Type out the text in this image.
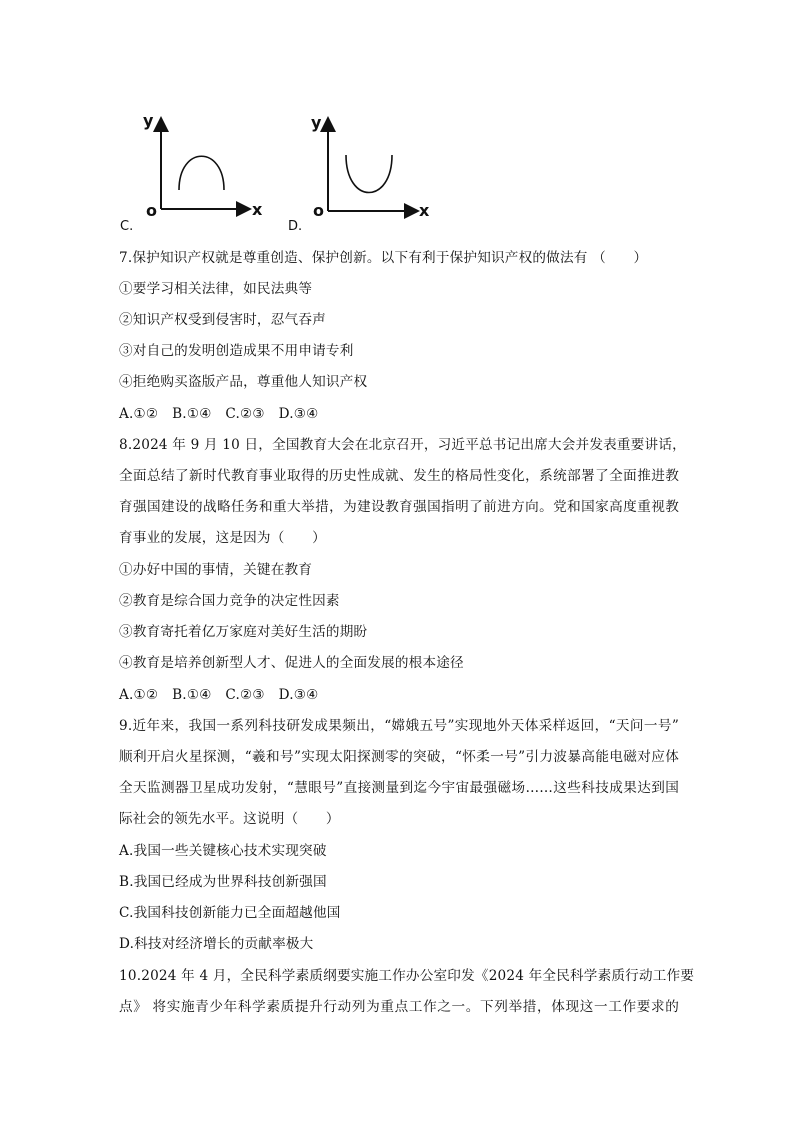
y
x
o
C.
y
x
o
D.
7.保护知识产权就是尊重创造、保护创新。以下有利于保护知识产权的做法有 （　　）
①要学习相关法律，如民法典等
②知识产权受到侵害时，忍气吞声
③对自己的发明创造成果不用申请专利
④拒绝购买盗版产品，尊重他人知识产权
A.①②　B.①④　C.②③　D.③④
8.2024 年 9 月 10 日，全国教育大会在北京召开，习近平总书记出席大会并发表重要讲话，
全面总结了新时代教育事业取得的历史性成就、发生的格局性变化，系统部署了全面推进教
育强国建设的战略任务和重大举措，为建设教育强国指明了前进方向。党和国家高度重视教
育事业的发展，这是因为（　　）
①办好中国的事情，关键在教育
②教育是综合国力竞争的决定性因素
③教育寄托着亿万家庭对美好生活的期盼
④教育是培养创新型人才、促进人的全面发展的根本途径
A.①②　B.①④　C.②③　D.③④
9.近年来，我国一系列科技研发成果频出，“嫦娥五号”实现地外天体采样返回，“天问一号”
顺利开启火星探测，“羲和号”实现太阳探测零的突破，“怀柔一号”引力波暴高能电磁对应体
全天监测器卫星成功发射，“慧眼号”直接测量到迄今宇宙最强磁场……这些科技成果达到国
际社会的领先水平。这说明（　　）
A.我国一些关键核心技术实现突破
B.我国已经成为世界科技创新强国
C.我国科技创新能力已全面超越他国
D.科技对经济增长的贡献率极大
10.2024 年 4 月，全民科学素质纲要实施工作办公室印发《2024 年全民科学素质行动工作要
点》 将实施青少年科学素质提升行动列为重点工作之一。下列举措，体现这一工作要求的
